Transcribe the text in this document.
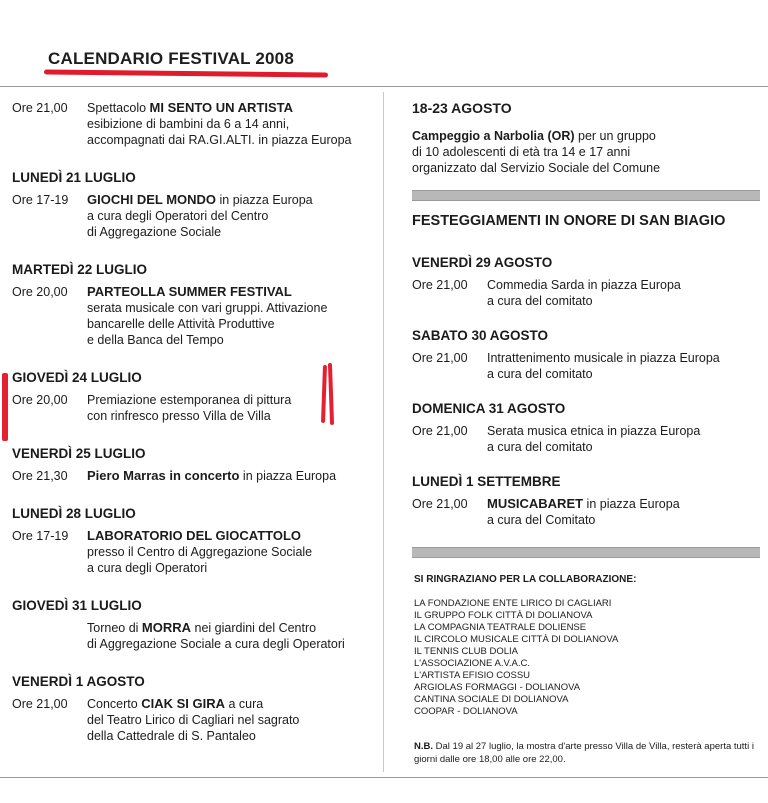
CALENDARIO FESTIVAL 2008
Ore 21,00	Spettacolo MI SENTO UN ARTISTA
esibizione di bambini da 6 a 14 anni,
accompagnati dai RA.GI.ALTI. in piazza Europa
LUNEDÌ 21 LUGLIO
Ore 17-19	GIOCHI DEL MONDO in piazza Europa
a cura degli Operatori del Centro
di Aggregazione Sociale
MARTEDÌ 22 LUGLIO
Ore 20,00	PARTEOLLA SUMMER FESTIVAL
serata musicale con vari gruppi. Attivazione
bancarelle delle Attività Produttive
e della Banca del Tempo
GIOVEDÌ 24 LUGLIO
Ore 20,00	Premiazione estemporanea di pittura
con rinfresco presso Villa de Villa
VENERDÌ 25 LUGLIO
Ore 21,30	Piero Marras in concerto in piazza Europa
LUNEDÌ 28 LUGLIO
Ore 17-19	LABORATORIO DEL GIOCATTOLO
presso il Centro di Aggregazione Sociale
a cura degli Operatori
GIOVEDÌ 31 LUGLIO
Torneo di MORRA nei giardini del Centro
di Aggregazione Sociale a cura degli Operatori
VENERDÌ 1 AGOSTO
Ore 21,00	Concerto CIAK SI GIRA a cura
del Teatro Lirico di Cagliari nel sagrato
della Cattedrale di S. Pantaleo
18-23 AGOSTO
Campeggio a Narbolia (OR) per un gruppo
di 10 adolescenti di età tra 14 e 17 anni
organizzato dal Servizio Sociale del Comune
FESTEGGIAMENTI IN ONORE DI SAN BIAGIO
VENERDÌ 29 AGOSTO
Ore 21,00	Commedia Sarda in piazza Europa
a cura del comitato
SABATO 30 AGOSTO
Ore 21,00	Intrattenimento musicale in piazza Europa
a cura del comitato
DOMENICA 31 AGOSTO
Ore 21,00	Serata musica etnica in piazza Europa
a cura del comitato
LUNEDÌ 1 SETTEMBRE
Ore 21,00	MUSICABARET in piazza Europa
a cura del Comitato
SI RINGRAZIANO PER LA COLLABORAZIONE:
LA FONDAZIONE ENTE LIRICO DI CAGLIARI
IL GRUPPO FOLK CITTÀ DI DOLIANOVA
LA COMPAGNIA TEATRALE DOLIENSE
IL CIRCOLO MUSICALE CITTÀ DI DOLIANOVA
IL TENNIS CLUB DOLIA
L'ASSOCIAZIONE A.V.A.C.
L'ARTISTA EFISIO COSSU
ARGIOLAS FORMAGGI - DOLIANOVA
CANTINA SOCIALE DI DOLIANOVA
COOPAR - DOLIANOVA
N.B. Dal 19 al 27 luglio, la mostra d'arte presso Villa de Villa, resterà aperta tutti i giorni dalle ore 18,00 alle ore 22,00.
